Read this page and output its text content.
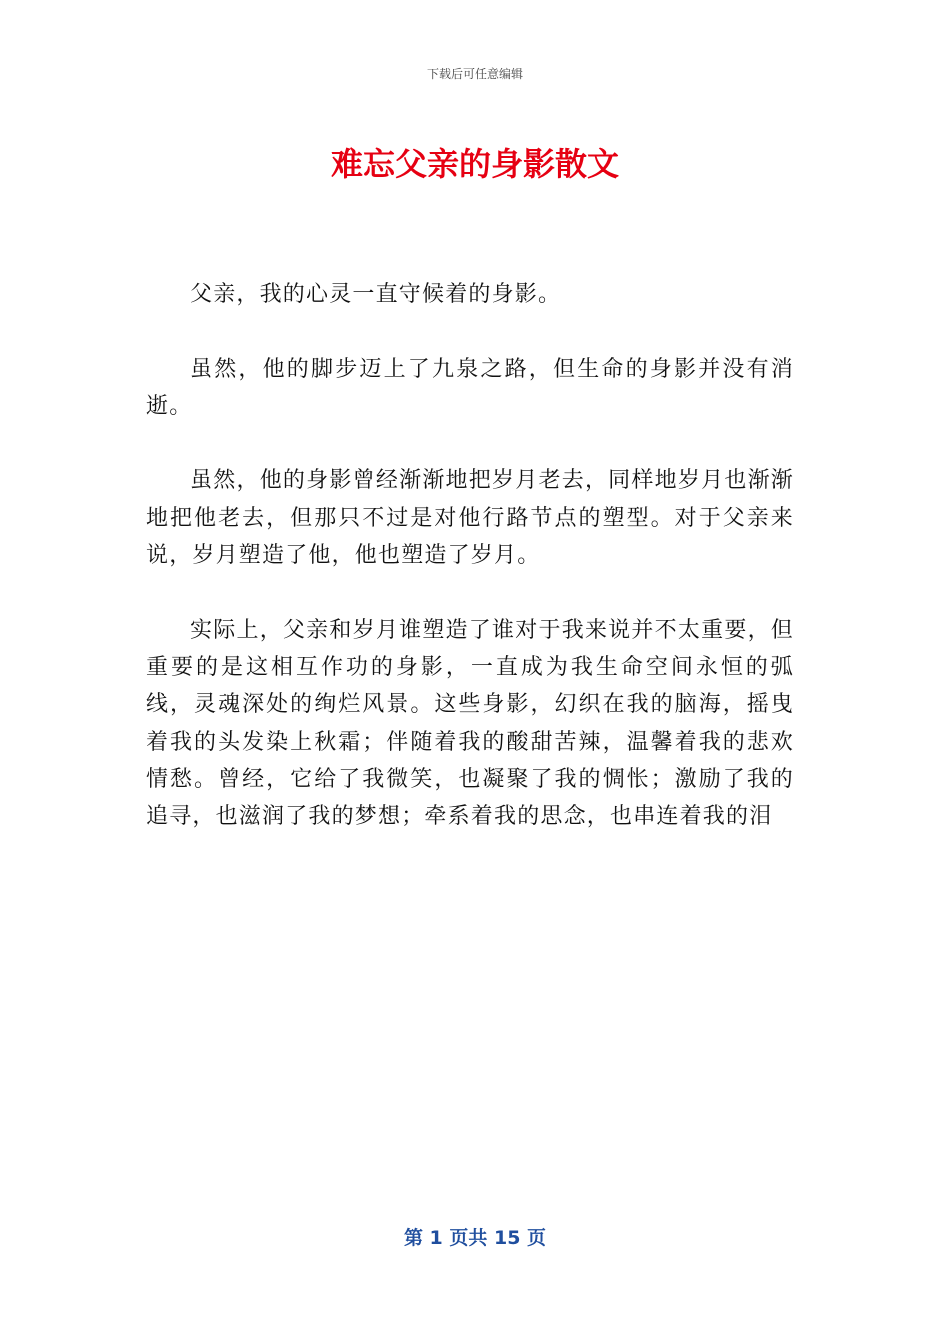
下载后可任意编辑
难忘父亲的身影散文

父亲，我的心灵一直守候着的身影。

虽然，他的脚步迈上了九泉之路，但生命的身影并没有消逝。

虽然，他的身影曾经渐渐地把岁月老去，同样地岁月也渐渐地把他老去，但那只不过是对他行路节点的塑型。对于父亲来说，岁月塑造了他，他也塑造了岁月。

实际上，父亲和岁月谁塑造了谁对于我来说并不太重要，但重要的是这相互作功的身影，一直成为我生命空间永恒的弧线，灵魂深处的绚烂风景。这些身影，幻织在我的脑海，摇曳着我的头发染上秋霜；伴随着我的酸甜苦辣，温馨着我的悲欢情愁。曾经，它给了我微笑，也凝聚了我的惆怅；激励了我的追寻，也滋润了我的梦想；牵系着我的思念，也串连着我的泪

第 1 页共 15 页
